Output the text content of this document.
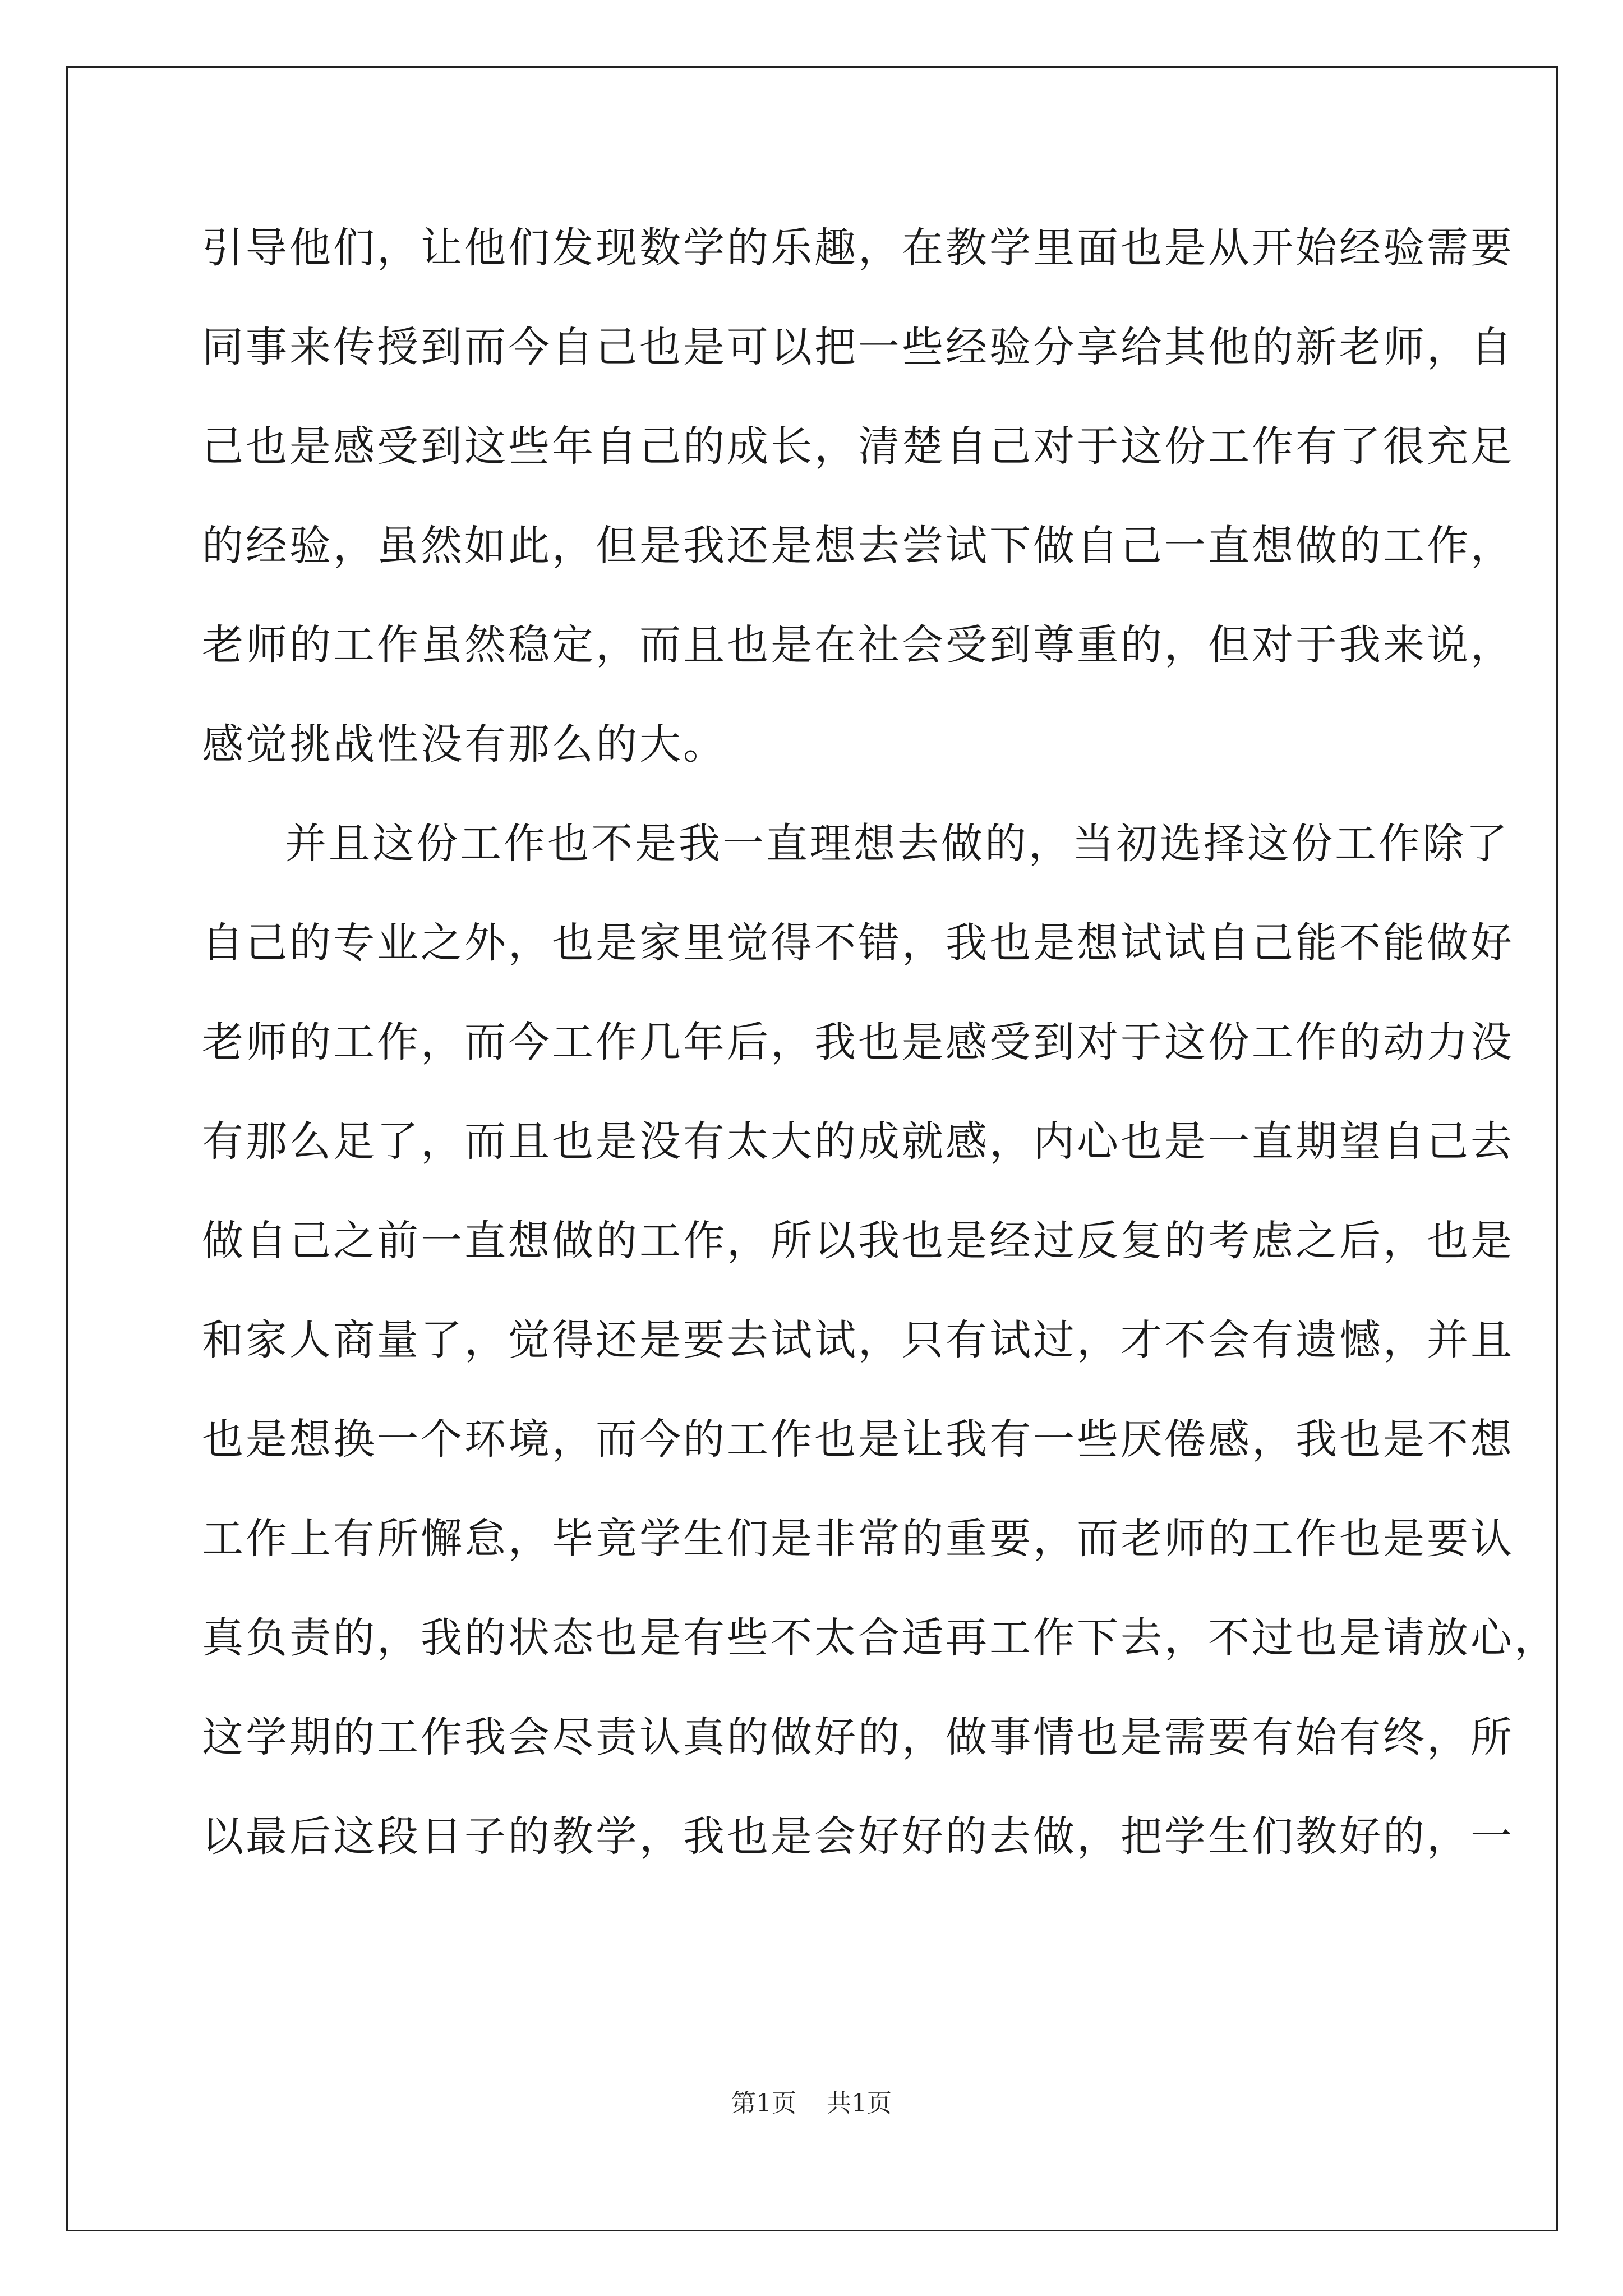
引导他们，让他们发现数学的乐趣，在教学里面也是从开始经验需要
同事来传授到而今自己也是可以把一些经验分享给其他的新老师，自
己也是感受到这些年自己的成长，清楚自己对于这份工作有了很充足
的经验，虽然如此，但是我还是想去尝试下做自己一直想做的工作，
老师的工作虽然稳定，而且也是在社会受到尊重的，但对于我来说，
感觉挑战性没有那么的大。
并且这份工作也不是我一直理想去做的，当初选择这份工作除了
自己的专业之外，也是家里觉得不错，我也是想试试自己能不能做好
老师的工作，而今工作几年后，我也是感受到对于这份工作的动力没
有那么足了，而且也是没有太大的成就感，内心也是一直期望自己去
做自己之前一直想做的工作，所以我也是经过反复的考虑之后，也是
和家人商量了，觉得还是要去试试，只有试过，才不会有遗憾，并且
也是想换一个环境，而今的工作也是让我有一些厌倦感，我也是不想
工作上有所懈怠，毕竟学生们是非常的重要，而老师的工作也是要认
真负责的，我的状态也是有些不太合适再工作下去，不过也是请放心，
这学期的工作我会尽责认真的做好的，做事情也是需要有始有终，所
以最后这段日子的教学，我也是会好好的去做，把学生们教好的，一
第1页 共1页
